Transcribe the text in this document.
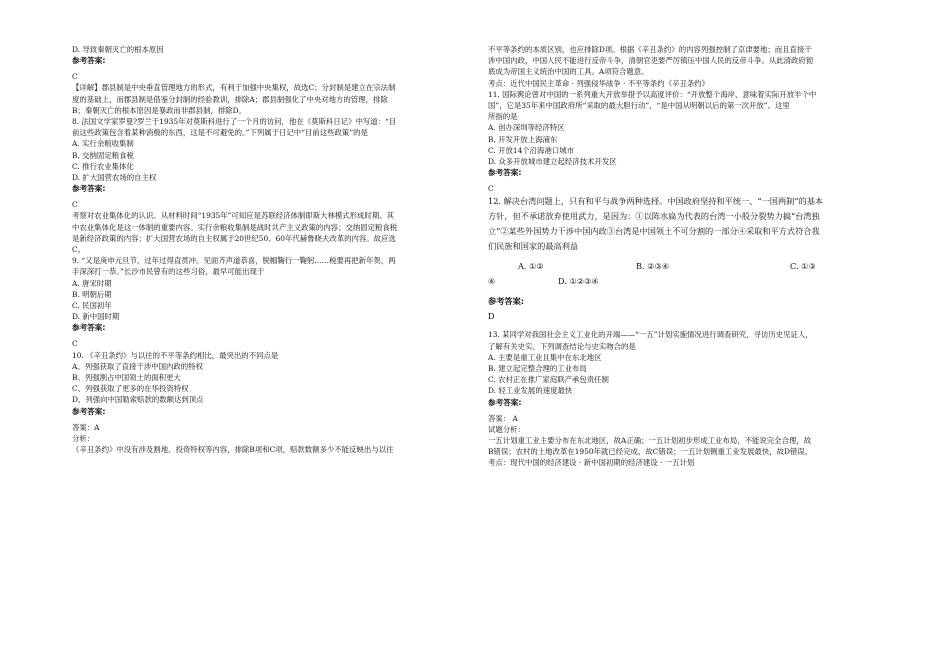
D. 导致秦朝灭亡的根本原因
参考答案:
C
【详解】郡县制是中央垂直管理地方的形式，有利于加强中央集权，故选C；分封制是建立在宗法制
度的基础上，而郡县制是借鉴分封制的经验教训，排除A；郡县制强化了中央对地方的管理，排除
B；秦朝灭亡的根本原因是暴政而非郡县制，排除D。
8. 法国文学家罗曼?罗兰于1935年对莫斯科进行了一个月的访问，他在《莫斯科日记》中写道：“目
前这些政策包含着某种消极的东西，这是不可避免的。”下列属于日记中“目前这些政策”的是
A. 实行余粮收集制
B. 交纳固定粮食税
C. 推行农业集体化
D. 扩大国营农场的自主权
参考答案:
C
考察对农业集体化的认识。从材料时间“1935年”可知应是苏联经济体制即斯大林模式形成时期。其
中农业集体化是这一体制的重要内容。实行余粮收集制是战时共产主义政策的内容；交纳固定粮食税
是新经济政策的内容；扩大国营农场的自主权属于20世纪50、60年代赫鲁晓夫改革的内容。故应选
C。
9. “又是庚申元旦节，过年过得直贯冲。见面齐声道恭喜，脱帽鞠行一鞠躬……税要再把新年贺，两
手深深打一恭。”长沙市民曾有的这些习俗，最早可能出现于
A. 唐宋时期
B. 明朝后期
C. 民国初年
D. 新中国时期
参考答案:
C
10. 《辛丑条约》与以往的不平等条约相比，最突出的不同点是
A、列强获取了直接干涉中国内政的特权
B、列强割占中国领土的面积更大
C、列强获取了更多的在华投资特权
D、列强向中国勒索赔款的数额达到顶点
参考答案:
答案：A
分析：
《辛丑条约》中没有涉及割地、投资特权等内容，排除B项和C项，赔款数额多少不能反映出与以往
不平等条约的本质区别，也应排除D项。根据《辛丑条约》的内容列强控制了京津要地；而且直接干
涉中国内政，中国人民不能进行反帝斗争，清朝官吏要严厉镇压中国人民的反帝斗争。从此清政府彻
底成为帝国主义统治中国的工具。A项符合题意。
考点：近代中国民主革命 · 列强侵华战争 · 不平等条约《辛丑条约》
11. 国际舆论曾对中国的一系列重大开放举措予以高度评价：“开放整个海岸，意味着实际开放半个中
国”，它是35年来中国政府所“采取的最大胆行动”，“是中国从明朝以后的第一次开放”。这里
所指的是
A. 创办深圳等经济特区
B. 开发开放上海浦东
C. 开放14个沿海港口城市
D. 众多开放城市建立起经济技术开发区
参考答案:
C
12. 解决台湾问题上，只有和平与战争两种选择。中国政府坚持和平统一、“一国两制”的基本
方针，但不承诺放弃使用武力，是因为：①以陈水扁为代表的台湾一小股分裂势力搞“台湾独
立”②某些外国势力干涉中国内政③台湾是中国领土不可分割的一部分④采取和平方式符合我
们民族和国家的最高利益
A. ①②	B. ②③④	C. ①③
④	D. ①②③④
参考答案:
D
13. 某同学对我国社会主义工业化的开端——“一五”计划实施情况进行调查研究，寻访历史见证人，
了解有关史实。下列调查结论与史实吻合的是
A. 主要是重工业且集中在东北地区
B. 建立起完整合理的工业布局
C. 农村正在推广家庭联产承包责任制
D. 轻工业发展的速度最快
参考答案:
答案： A
试题分析：
一五计划重工业主要分布在东北地区，故A正确；一五计划初步形成工业布局，不能说完全合理，故
B错误；农村的土地改革在1950年就已经完成，故C错误；一五计划侧重工业发展最快，故D错误。
考点：现代中国的经济建设 · 新中国初期的经济建设 · 一五计划
